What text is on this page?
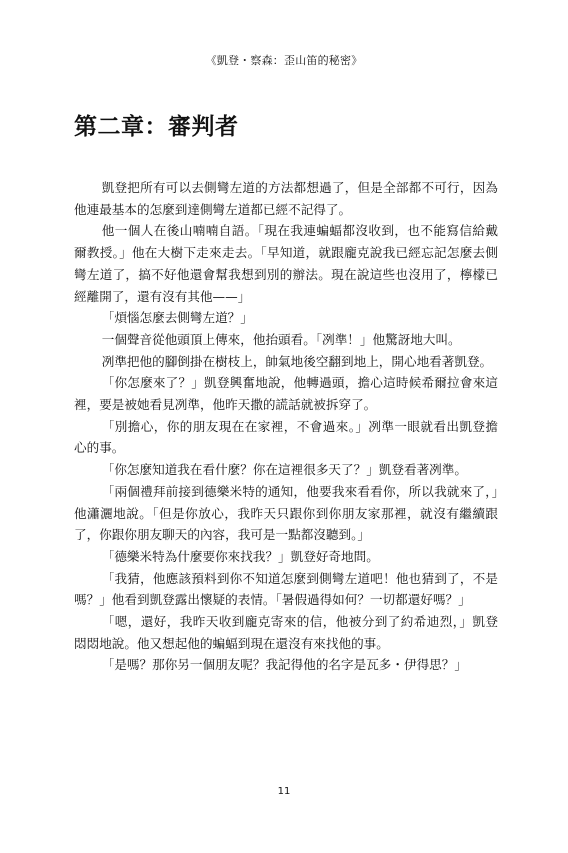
《凱登・察森：歪山笛的秘密》
第二章：審判者

凱登把所有可以去側彎左道的方法都想過了，但是全部都不可行，因為他連最基本的怎麼到達側彎左道都已經不記得了。

他一個人在後山喃喃自語。「現在我連蝙蝠都沒收到，也不能寫信給戴爾教授。」他在大樹下走來走去。「早知道，就跟龐克說我已經忘記怎麼去側彎左道了，搞不好他還會幫我想到別的辦法。現在說這些也沒用了，檸檬已經離開了，還有沒有其他——」

「煩惱怎麼去側彎左道？」

一個聲音從他頭頂上傳來，他抬頭看。「冽準！」他驚訝地大叫。

冽準把他的腳倒掛在樹枝上，帥氣地後空翻到地上，開心地看著凱登。

「你怎麼來了？」凱登興奮地說，他轉過頭，擔心這時候希爾拉會來這裡，要是被她看見冽準，他昨天撒的謊話就被拆穿了。

「別擔心，你的朋友現在在家裡，不會過來。」冽準一眼就看出凱登擔心的事。

「你怎麼知道我在看什麼？你在這裡很多天了？」凱登看著冽準。

「兩個禮拜前接到德樂米特的通知，他要我來看看你，所以我就來了，」他瀟灑地說。「但是你放心，我昨天只跟你到你朋友家那裡，就沒有繼續跟了，你跟你朋友聊天的內容，我可是一點都沒聽到。」

「德樂米特為什麼要你來找我？」凱登好奇地問。

「我猜，他應該預料到你不知道怎麼到側彎左道吧！他也猜到了，不是嗎？」他看到凱登露出懷疑的表情。「暑假過得如何？一切都還好嗎？」

「嗯，還好，我昨天收到龐克寄來的信，他被分到了約希迪烈，」凱登悶悶地說。他又想起他的蝙蝠到現在還沒有來找他的事。

「是嗎？那你另一個朋友呢？我記得他的名字是瓦多・伊得思？」

11
